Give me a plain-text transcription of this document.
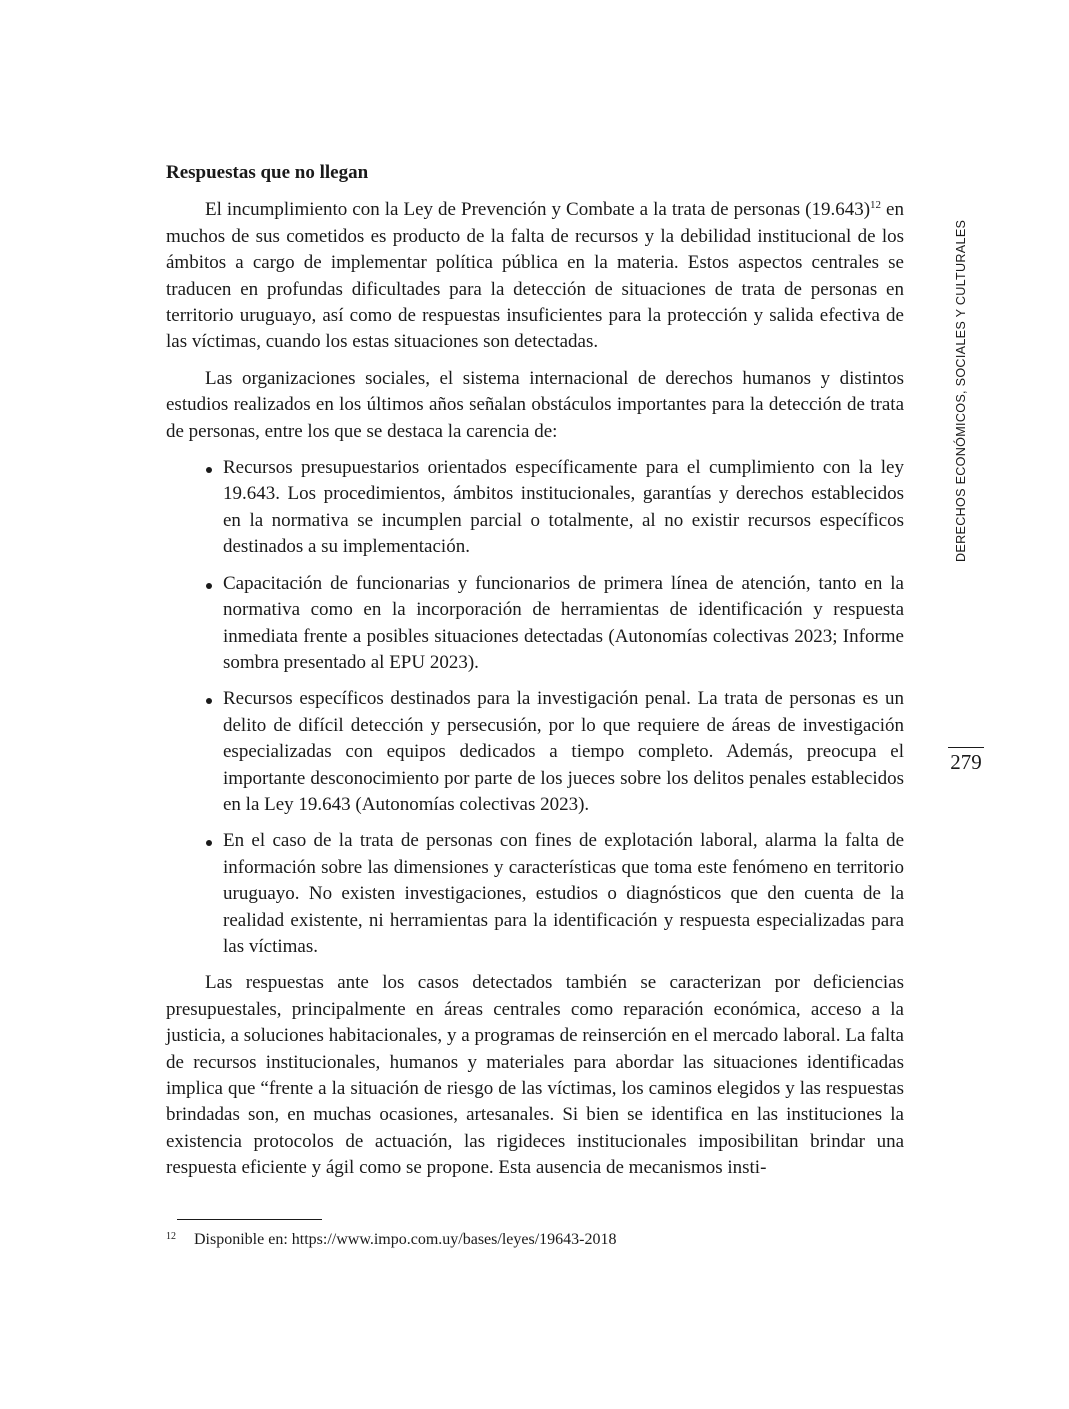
Respuestas que no llegan

El incumplimiento con la Ley de Prevención y Combate a la trata de personas $(19.643)^{12}$ en muchos de sus cometidos es producto de la falta de recursos y la debilidad institucional de los ámbitos a cargo de implementar política pública en la materia. Estos aspectos centrales se traducen en profundas dificultades para la detección de situaciones de trata de personas en territorio uruguayo, así como de respuestas insuficientes para la protección y salida efectiva de las víctimas, cuando los estas situaciones son detectadas.

Las organizaciones sociales, el sistema internacional de derechos humanos y distintos estudios realizados en los últimos años señalan obstáculos importantes para la detección de trata de personas, entre los que se destaca la carencia de:

Recursos presupuestarios orientados específicamente para el cumplimiento con la ley 19.643. Los procedimientos, ámbitos institucionales, garantías y derechos establecidos en la normativa se incumplen parcial o totalmente, al no existir recursos específicos destinados a su implementación.
Capacitación de funcionarias y funcionarios de primera línea de atención, tanto en la normativa como en la incorporación de herramientas de identificación y respuesta inmediata frente a posibles situaciones detectadas (Autonomías colectivas 2023; Informe sombra presentado al EPU 2023).
Recursos específicos destinados para la investigación penal. La trata de personas es un delito de difícil detección y persecusión, por lo que requiere de áreas de investigación especializadas con equipos dedicados a tiempo completo. Además, preocupa el importante desconocimiento por parte de los jueces sobre los delitos penales establecidos en la Ley 19.643 (Autonomías colectivas 2023).
En el caso de la trata de personas con fines de explotación laboral, alarma la falta de información sobre las dimensiones y características que toma este fenómeno en territorio uruguayo. No existen investigaciones, estudios o diagnósticos que den cuenta de la realidad existente, ni herramientas para la identificación y respuesta especializadas para las víctimas.

Las respuestas ante los casos detectados también se caracterizan por deficiencias presupuestales, principalmente en áreas centrales como reparación económica, acceso a la justicia, a soluciones habitacionales, y a programas de reinserción en el mercado laboral. La falta de recursos institucionales, humanos y materiales para abordar las situaciones identificadas implica que “frente a la situación de riesgo de las víctimas, los caminos elegidos y las respuestas brindadas son, en muchas ocasiones, artesanales. Si bien se identifica en las instituciones la existencia protocolos de actuación, las rigideces institucionales imposibilitan brindar una respuesta eficiente y ágil como se propone. Esta ausencia de mecanismos insti-

12 Disponible en: https://www.impo.com.uy/bases/leyes/19643-2018
DERECHOS ECONÓMICOS, SOCIALES Y CULTURALES
279
